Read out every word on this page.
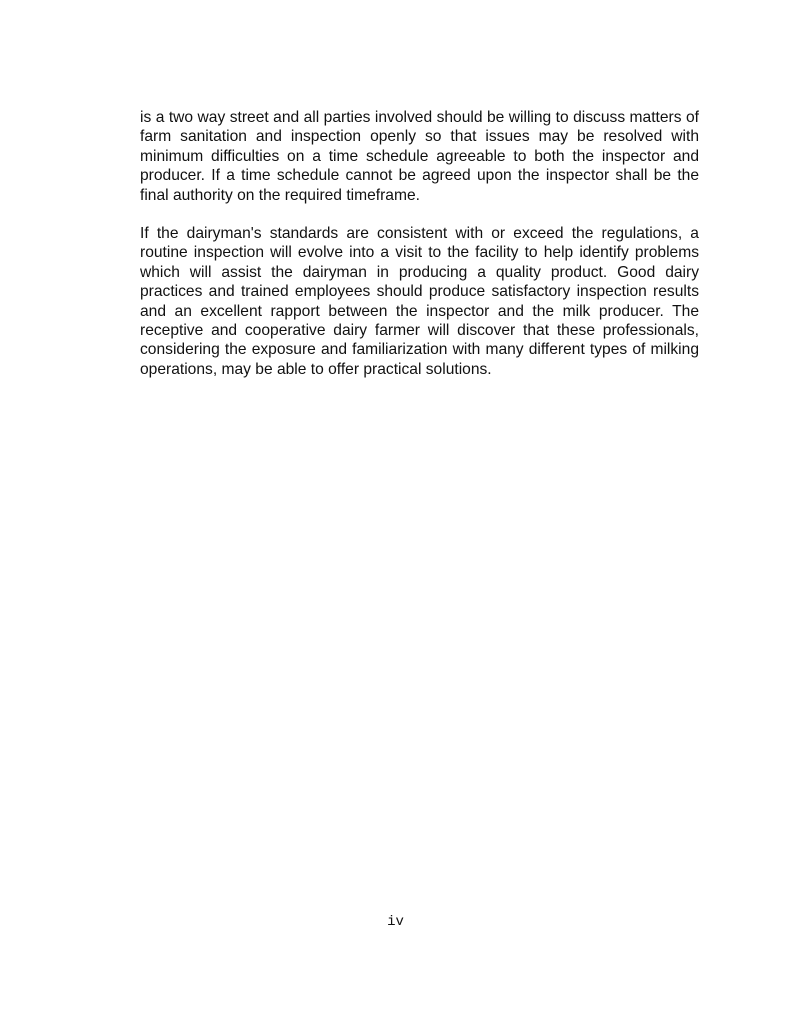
is a two way street and all parties involved should be willing to discuss matters of farm sanitation and inspection openly so that issues may be resolved with minimum difficulties on a time schedule agreeable to both the inspector and producer. If a time schedule cannot be agreed upon the inspector shall be the final authority on the required timeframe.

If the dairyman's standards are consistent with or exceed the regulations, a routine inspection will evolve into a visit to the facility to help identify problems which will assist the dairyman in producing a quality product. Good dairy practices and trained employees should produce satisfactory inspection results and an excellent rapport between the inspector and the milk producer. The receptive and cooperative dairy farmer will discover that these professionals, considering the exposure and familiarization with many different types of milking operations, may be able to offer practical solutions.

iv
